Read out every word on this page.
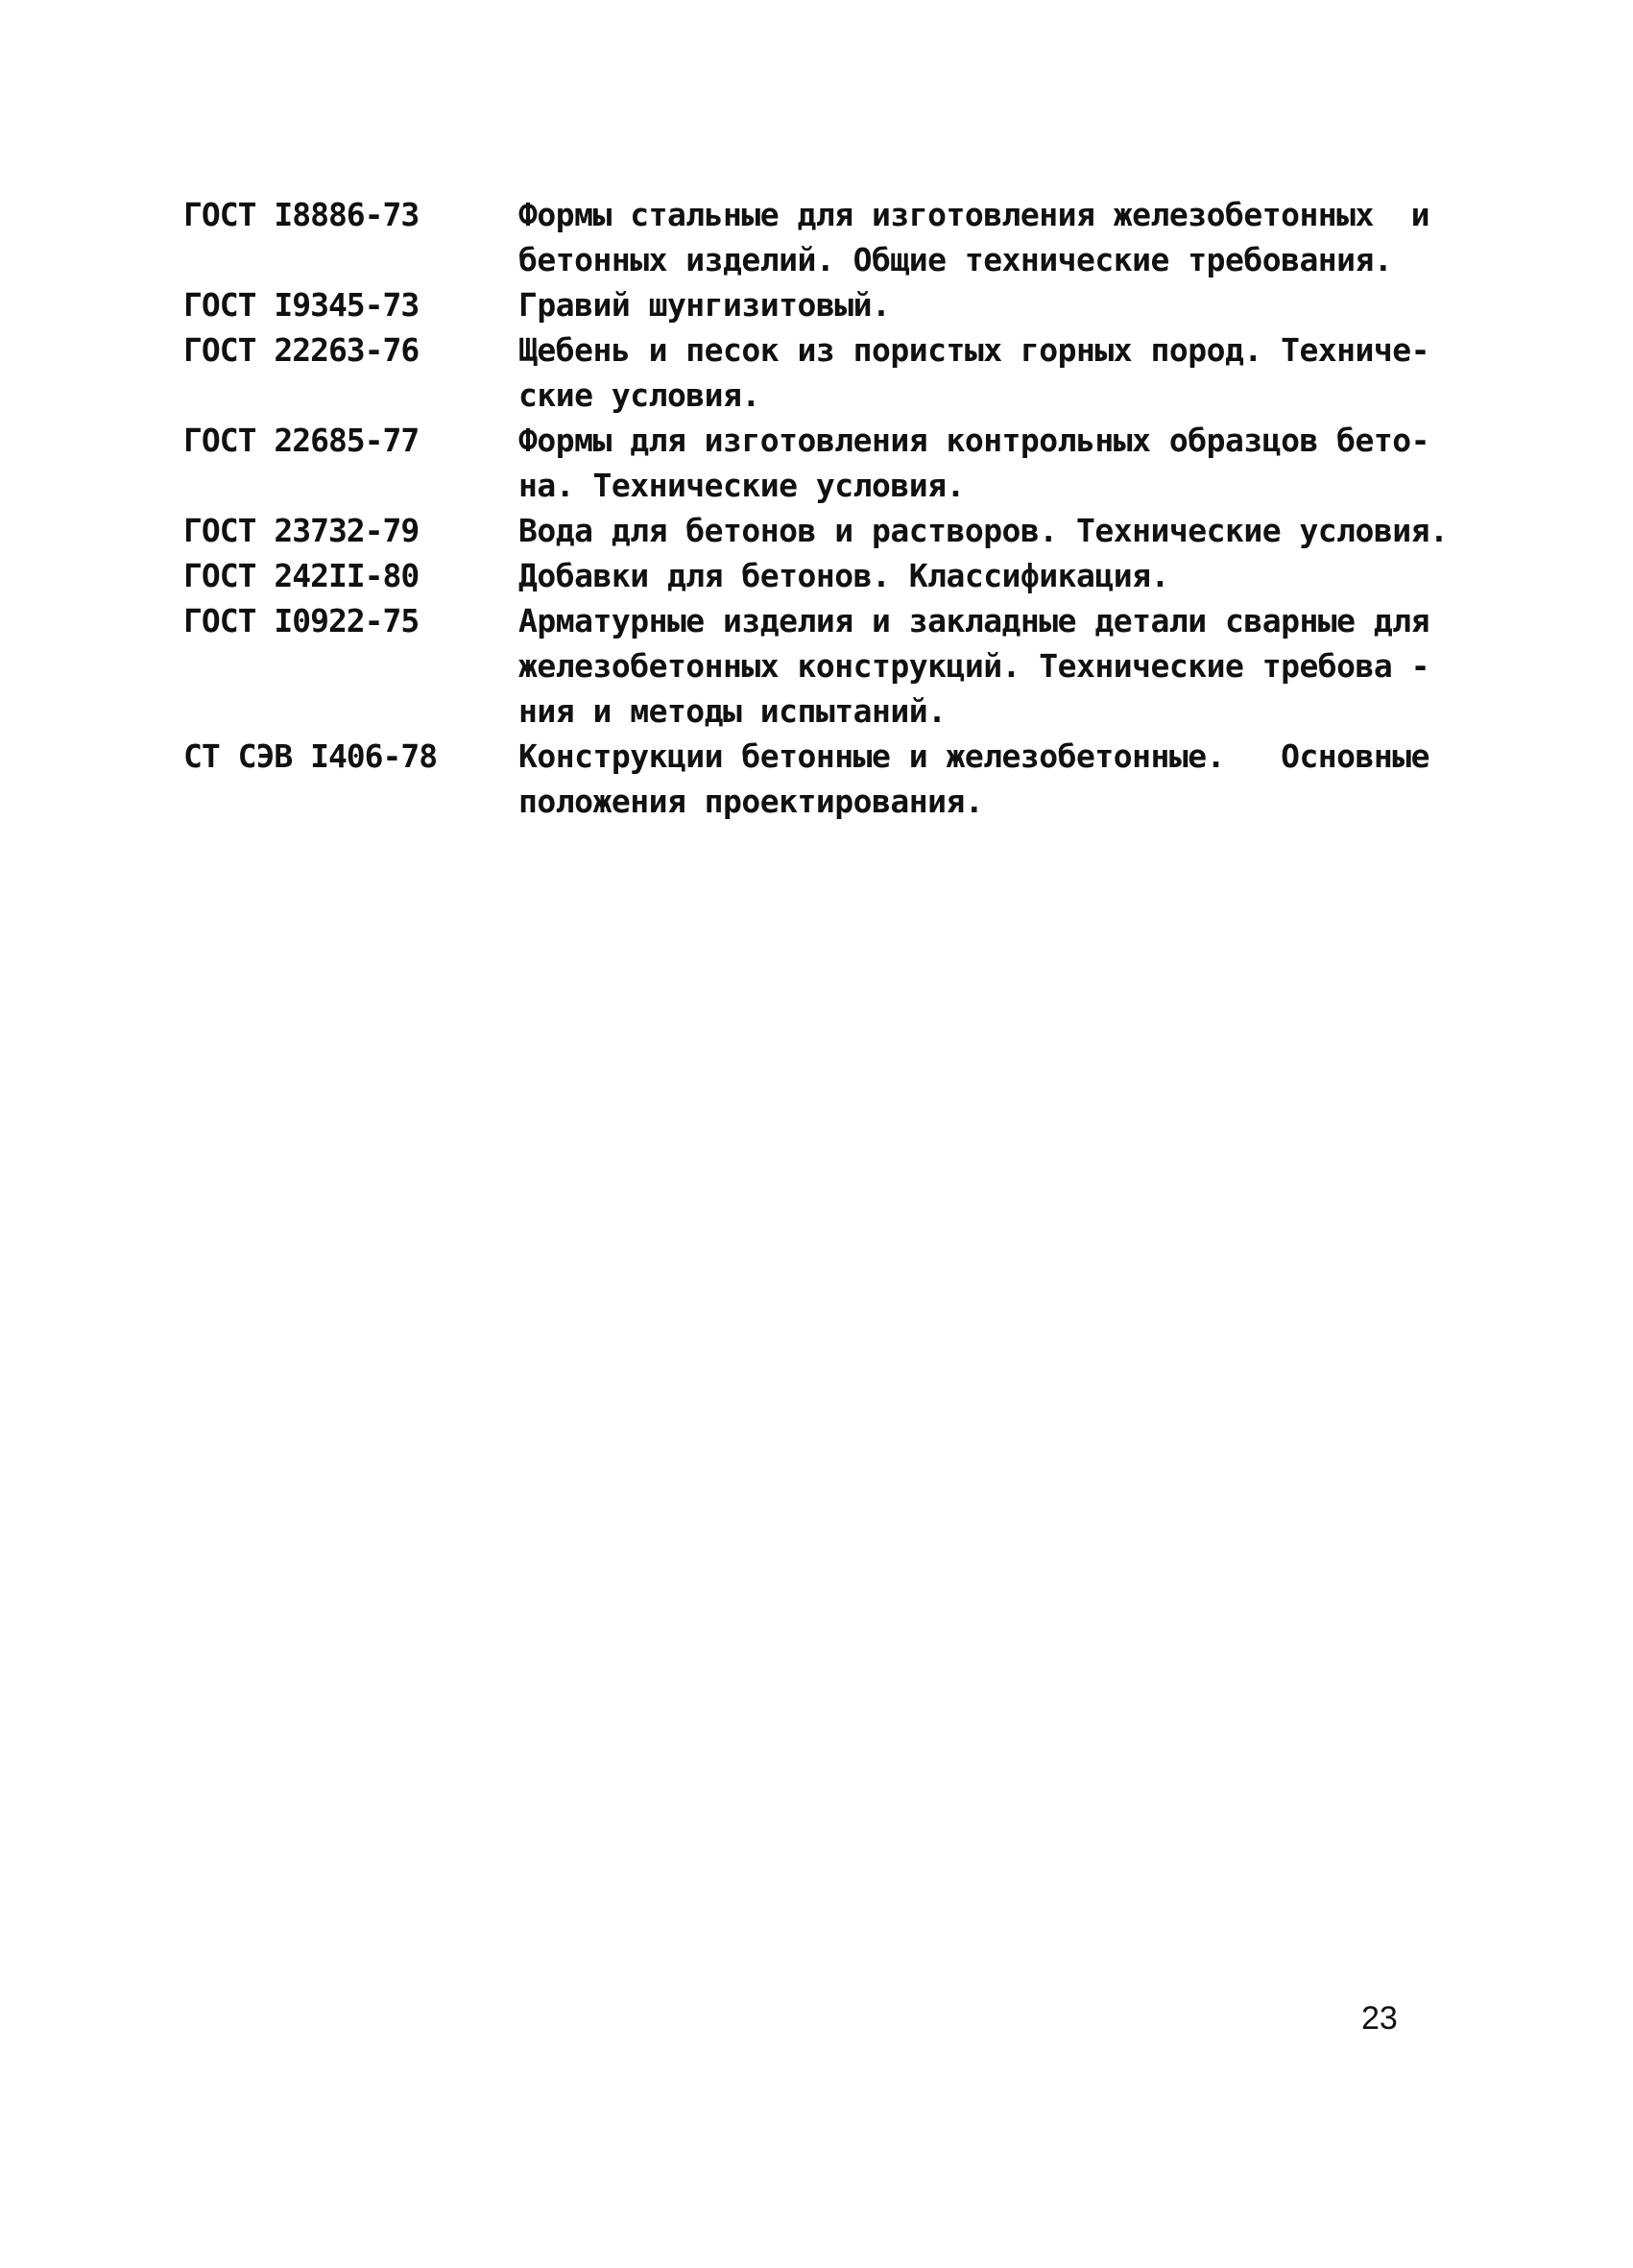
ГОСТ I8886-73	Формы стальные для изготовления железобетонных  и
бетонных изделий. Общие технические требования.
ГОСТ I9345-73	Гравий шунгизитовый.
ГОСТ 22263-76	Щебень и песок из пористых горных пород. Техниче-
ские условия.
ГОСТ 22685-77	Формы для изготовления контрольных образцов бето-
на. Технические условия.
ГОСТ 23732-79	Вода для бетонов и растворов. Технические условия.
ГОСТ 242II-80	Добавки для бетонов. Классификация.
ГОСТ I0922-75	Арматурные изделия и закладные детали сварные для
железобетонных конструкций. Технические требова -
ния и методы испытаний.
СТ СЭВ I406-78	Конструкции бетонные и железобетонные.   Основные
положения проектирования.
23
